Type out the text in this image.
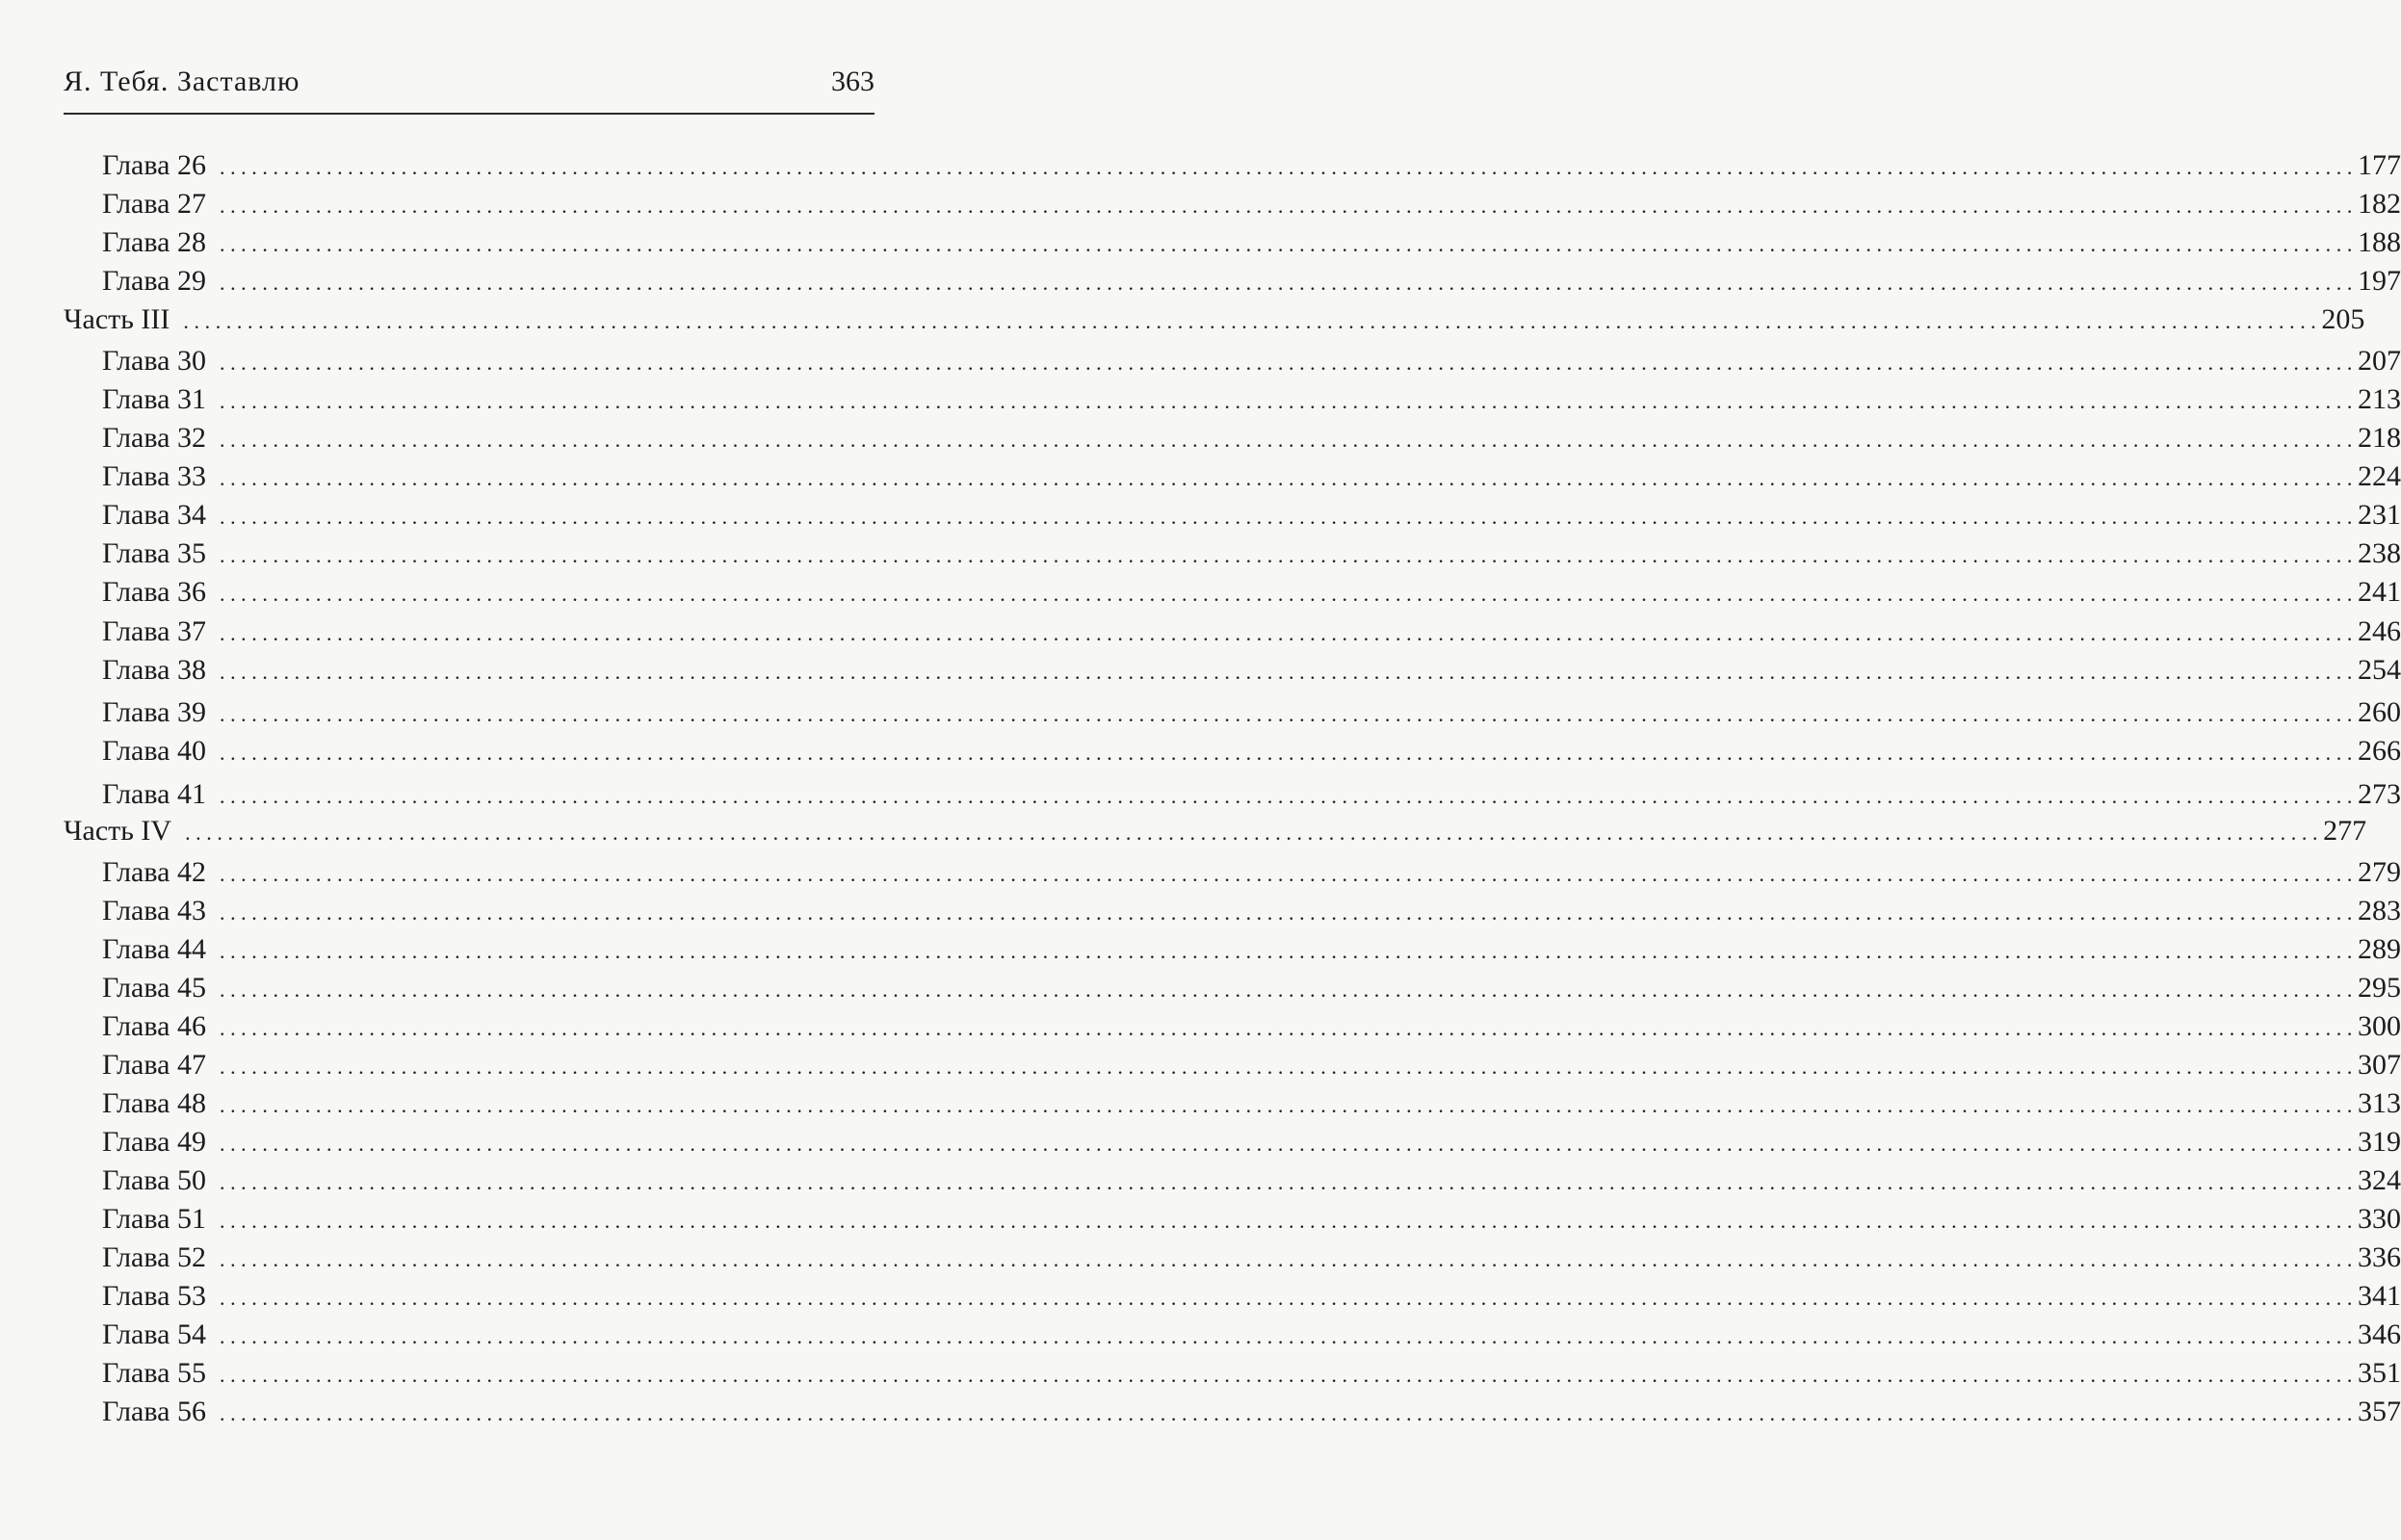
Я. Тебя. Заставлю	363
Глава 26 ........................................................................................................................................................................................................ 177
Глава 27 ........................................................................................................................................................................................................ 182
Глава 28 ........................................................................................................................................................................................................ 188
Глава 29 ........................................................................................................................................................................................................ 197
Часть III ........................................................................................................................................................................................................ 205
Глава 30 ........................................................................................................................................................................................................ 207
Глава 31 ........................................................................................................................................................................................................ 213
Глава 32 ........................................................................................................................................................................................................ 218
Глава 33 ........................................................................................................................................................................................................ 224
Глава 34 ........................................................................................................................................................................................................ 231
Глава 35 ........................................................................................................................................................................................................ 238
Глава 36 ........................................................................................................................................................................................................ 241
Глава 37 ........................................................................................................................................................................................................ 246
Глава 38 ........................................................................................................................................................................................................ 254
Глава 39 ........................................................................................................................................................................................................ 260
Глава 40 ........................................................................................................................................................................................................ 266
Глава 41 ........................................................................................................................................................................................................ 273
Часть IV ........................................................................................................................................................................................................ 277
Глава 42 ........................................................................................................................................................................................................ 279
Глава 43 ........................................................................................................................................................................................................ 283
Глава 44 ........................................................................................................................................................................................................ 289
Глава 45 ........................................................................................................................................................................................................ 295
Глава 46 ........................................................................................................................................................................................................ 300
Глава 47 ........................................................................................................................................................................................................ 307
Глава 48 ........................................................................................................................................................................................................ 313
Глава 49 ........................................................................................................................................................................................................ 319
Глава 50 ........................................................................................................................................................................................................ 324
Глава 51 ........................................................................................................................................................................................................ 330
Глава 52 ........................................................................................................................................................................................................ 336
Глава 53 ........................................................................................................................................................................................................ 341
Глава 54 ........................................................................................................................................................................................................ 346
Глава 55 ........................................................................................................................................................................................................ 351
Глава 56 ........................................................................................................................................................................................................ 357
